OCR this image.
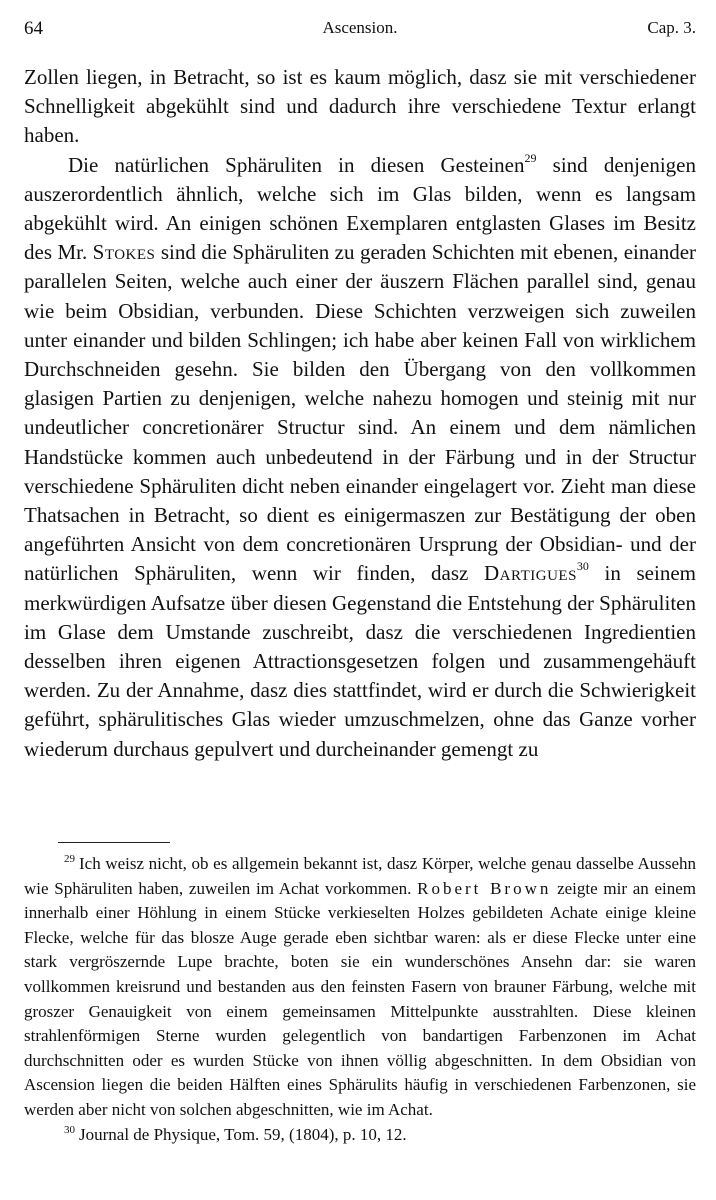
64	Ascension.	Cap. 3.

Zollen liegen, in Betracht, so ist es kaum möglich, dasz sie mit verschiedener Schnelligkeit abgekühlt sind und dadurch ihre verschiedene Textur erlangt haben.

Die natürlichen Sphäruliten in diesen Gesteinen$^{29}$ sind denjenigen auszerordentlich ähnlich, welche sich im Glas bilden, wenn es langsam abgekühlt wird. An einigen schönen Exemplaren entglasten Glases im Besitz des Mr. Stokes sind die Sphäruliten zu geraden Schichten mit ebenen, einander parallelen Seiten, welche auch einer der äuszern Flächen parallel sind, genau wie beim Obsidian, verbunden. Diese Schichten verzweigen sich zuweilen unter einander und bilden Schlingen; ich habe aber keinen Fall von wirklichem Durchschneiden gesehn. Sie bilden den Übergang von den vollkommen glasigen Partien zu denjenigen, welche nahezu homogen und steinig mit nur undeutlicher concretionärer Structur sind. An einem und dem nämlichen Handstücke kommen auch unbedeutend in der Färbung und in der Structur verschiedene Sphäruliten dicht neben einander eingelagert vor. Zieht man diese Thatsachen in Betracht, so dient es einigermaszen zur Bestätigung der oben angeführten Ansicht von dem concretionären Ursprung der Obsidian- und der natürlichen Sphäruliten, wenn wir finden, dasz Dartigues$^{30}$ in seinem merkwürdigen Aufsatze über diesen Gegenstand die Entstehung der Sphäruliten im Glase dem Umstande zuschreibt, dasz die verschiedenen Ingredientien desselben ihren eigenen Attractionsgesetzen folgen und zusammengehäuft werden. Zu der Annahme, dasz dies stattfindet, wird er durch die Schwierigkeit geführt, sphärulitisches Glas wieder umzuschmelzen, ohne das Ganze vorher wiederum durchaus gepulvert und durcheinander gemengt zu

$^{29}$ Ich weisz nicht, ob es allgemein bekannt ist, dasz Körper, welche genau dasselbe Aussehn wie Sphäruliten haben, zuweilen im Achat vorkommen. Robert Brown zeigte mir an einem innerhalb einer Höhlung in einem Stücke verkieselten Holzes gebildeten Achate einige kleine Flecke, welche für das blosze Auge gerade eben sichtbar waren: als er diese Flecke unter eine stark vergröszernde Lupe brachte, boten sie ein wunderschönes Ansehn dar: sie waren vollkommen kreisrund und bestanden aus den feinsten Fasern von brauner Färbung, welche mit groszer Genauigkeit von einem gemeinsamen Mittelpunkte ausstrahlten. Diese kleinen strahlenförmigen Sterne wurden gelegentlich von bandartigen Farbenzonen im Achat durchschnitten oder es wurden Stücke von ihnen völlig abgeschnitten. In dem Obsidian von Ascension liegen die beiden Hälften eines Sphärulits häufig in verschiedenen Farbenzonen, sie werden aber nicht von solchen abgeschnitten, wie im Achat.

$^{30}$ Journal de Physique, Tom. 59, (1804), p. 10, 12.
